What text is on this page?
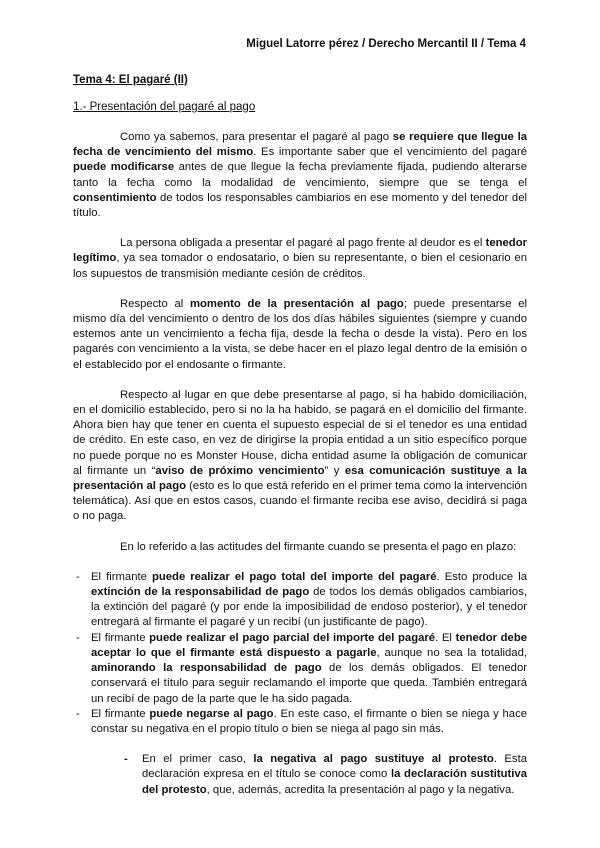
Miguel Latorre pérez / Derecho Mercantil II / Tema 4
Tema 4: El pagaré (II)
1.- Presentación del pagaré al pago

Como ya sabemos, para presentar el pagaré al pago se requiere que llegue la fecha de vencimiento del mismo. Es importante saber que el vencimiento del pagaré puede modificarse antes de que llegue la fecha previamente fijada, pudiendo alterarse tanto la fecha como la modalidad de vencimiento, siempre que se tenga el consentimiento de todos los responsables cambiarios en ese momento y del tenedor del título.

La persona obligada a presentar el pagaré al pago frente al deudor es el tenedor legítimo, ya sea tomador o endosatario, o bien su representante, o bien el cesionario en los supuestos de transmisión mediante cesión de créditos.

Respecto al momento de la presentación al pago; puede presentarse el mismo día del vencimiento o dentro de los dos días hábiles siguientes (siempre y cuando estemos ante un vencimiento a fecha fija, desde la fecha o desde la vista). Pero en los pagarés con vencimiento a la vista, se debe hacer en el plazo legal dentro de la emisión o el establecido por el endosante o firmante.

Respecto al lugar en que debe presentarse al pago, si ha habido domiciliación, en el domicilio establecido, pero si no la ha habido, se pagará en el domicilio del firmante. Ahora bien hay que tener en cuenta el supuesto especial de si el tenedor es una entidad de crédito. En este caso, en vez de dirigirse la propia entidad a un sitio específico porque no puede porque no es Monster House, dicha entidad asume la obligación de comunicar al firmante un “aviso de próximo vencimiento” y esa comunicación sustituye a la presentación al pago (esto es lo que está referido en el primer tema como la intervención telemática). Así que en estos casos, cuando el firmante reciba ese aviso, decidirá si paga o no paga.

En lo referido a las actitudes del firmante cuando se presenta el pago en plazo:

- El firmante puede realizar el pago total del importe del pagaré. Esto produce la extinción de la responsabilidad de pago de todos los demás obligados cambiarios, la extinción del pagaré (y por ende la imposibilidad de endoso posterior), y el tenedor entregará al firmante el pagaré y un recibí (un justificante de pago).
- El firmante puede realizar el pago parcial del importe del pagaré. El tenedor debe aceptar lo que el firmante está dispuesto a pagarle, aunque no sea la totalidad, aminorando la responsabilidad de pago de los demás obligados. El tenedor conservará el título para seguir reclamando el importe que queda. También entregará un recibí de pago de la parte que le ha sido pagada.
- El firmante puede negarse al pago. En este caso, el firmante o bien se niega y hace constar su negativa en el propio título o bien se niega al pago sin más.
- En el primer caso, la negativa al pago sustituye al protesto. Esta declaración expresa en el título se conoce como la declaración sustitutiva del protesto, que, además, acredita la presentación al pago y la negativa.
